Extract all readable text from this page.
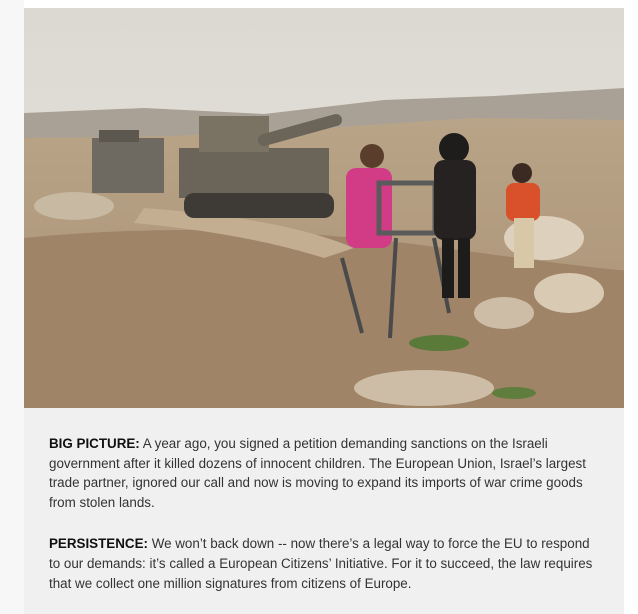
BIG PICTURE: A year ago, you signed a petition demanding sanctions on the Israeli government after it killed dozens of innocent children. The European Union, Israel’s largest trade partner, ignored our call and now is moving to expand its imports of war crime goods from stolen lands.

PERSISTENCE: We won’t back down -- now there’s a legal way to force the EU to respond to our demands: it’s called a European Citizens’ Initiative. For it to succeed, the law requires that we collect one million signatures from citizens of Europe.
